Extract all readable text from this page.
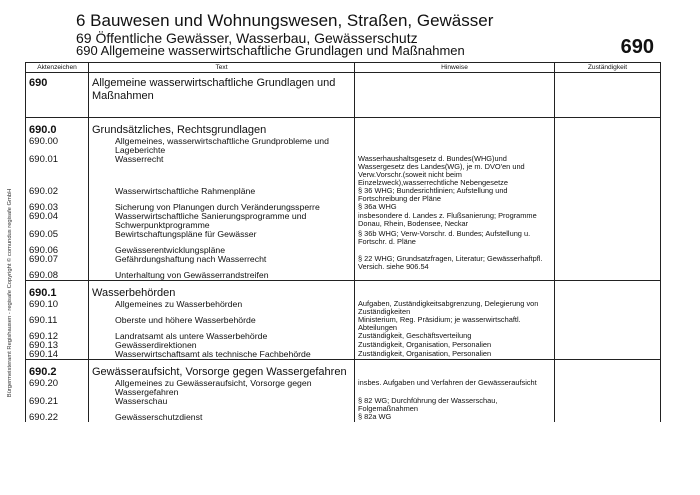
6 Bauwesen und Wohnungswesen, Straßen, Gewässer
69 Öffentliche Gewässer, Wasserbau, Gewässerschutz
690 Allgemeine wasserwirtschaftliche Grundlagen und Maßnahmen	690
Bürgermeisteramt Regishausen - regisafe Copyright © comundus regisafe GmbH
Aktenzeichen	Text	Hinweise	Zuständigkeit
690	Allgemeine wasserwirtschaftliche Grundlagen und Maßnahmen		
690.0	Grundsätzliches, Rechtsgrundlagen		
690.00	Allgemeines, wasserwirtschaftliche Grundprobleme und Lageberichte		
690.01	Wasserrecht	Wasserhaushaltsgesetz d. Bundes(WHG)und Wassergesetz des Landes(WG), je m. DVO'en und Verw.Vorschr.(soweit nicht beim Einzelzweck),wasserrechtliche Nebengesetze	
690.02	Wasserwirtschaftliche Rahmenpläne	§ 36 WHG; Bundesrichtlinien; Aufstellung und Fortschreibung der Pläne	
690.03	Sicherung von Planungen durch Veränderungssperre	§ 36a WHG	
690.04	Wasserwirtschaftliche Sanierungsprogramme und Schwerpunktprogramme	insbesondere d. Landes z. Flußsanierung; Programme Donau, Rhein, Bodensee, Neckar	
690.05	Bewirtschaftungspläne für Gewässer	§ 36b WHG; Verw-Vorschr. d. Bundes; Aufstellung u. Fortschr. d. Pläne	
690.06	Gewässerentwicklungspläne		
690.07	Gefährdungshaftung nach Wasserrecht	§ 22 WHG; Grundsatzfragen, Literatur; Gewässerhaftpfl. Versich. siehe 906.54	
690.08	Unterhaltung von Gewässerrandstreifen		
690.1	Wasserbehörden		
690.10	Allgemeines zu Wasserbehörden	Aufgaben, Zuständigkeitsabgrenzung, Delegierung von Zuständigkeiten	
690.11	Oberste und höhere Wasserbehörde	Ministerium, Reg. Präsidium; je wasserwirtschaftl. Abteilungen	
690.12	Landratsamt als untere Wasserbehörde	Zuständigkeit, Geschäftsverteilung	
690.13	Gewässerdirektionen	Zuständigkeit, Organisation, Personalien	
690.14	Wasserwirtschaftsamt als technische Fachbehörde	Zuständigkeit, Organisation, Personalien	
690.2	Gewässeraufsicht, Vorsorge gegen Wassergefahren		
690.20	Allgemeines zu Gewässeraufsicht, Vorsorge gegen Wassergefahren	insbes. Aufgaben und Verfahren der Gewässeraufsicht	
690.21	Wasserschau	§ 82 WG; Durchführung der Wasserschau, Folgemaßnahmen	
690.22	Gewässerschutzdienst	§ 82a WG	
